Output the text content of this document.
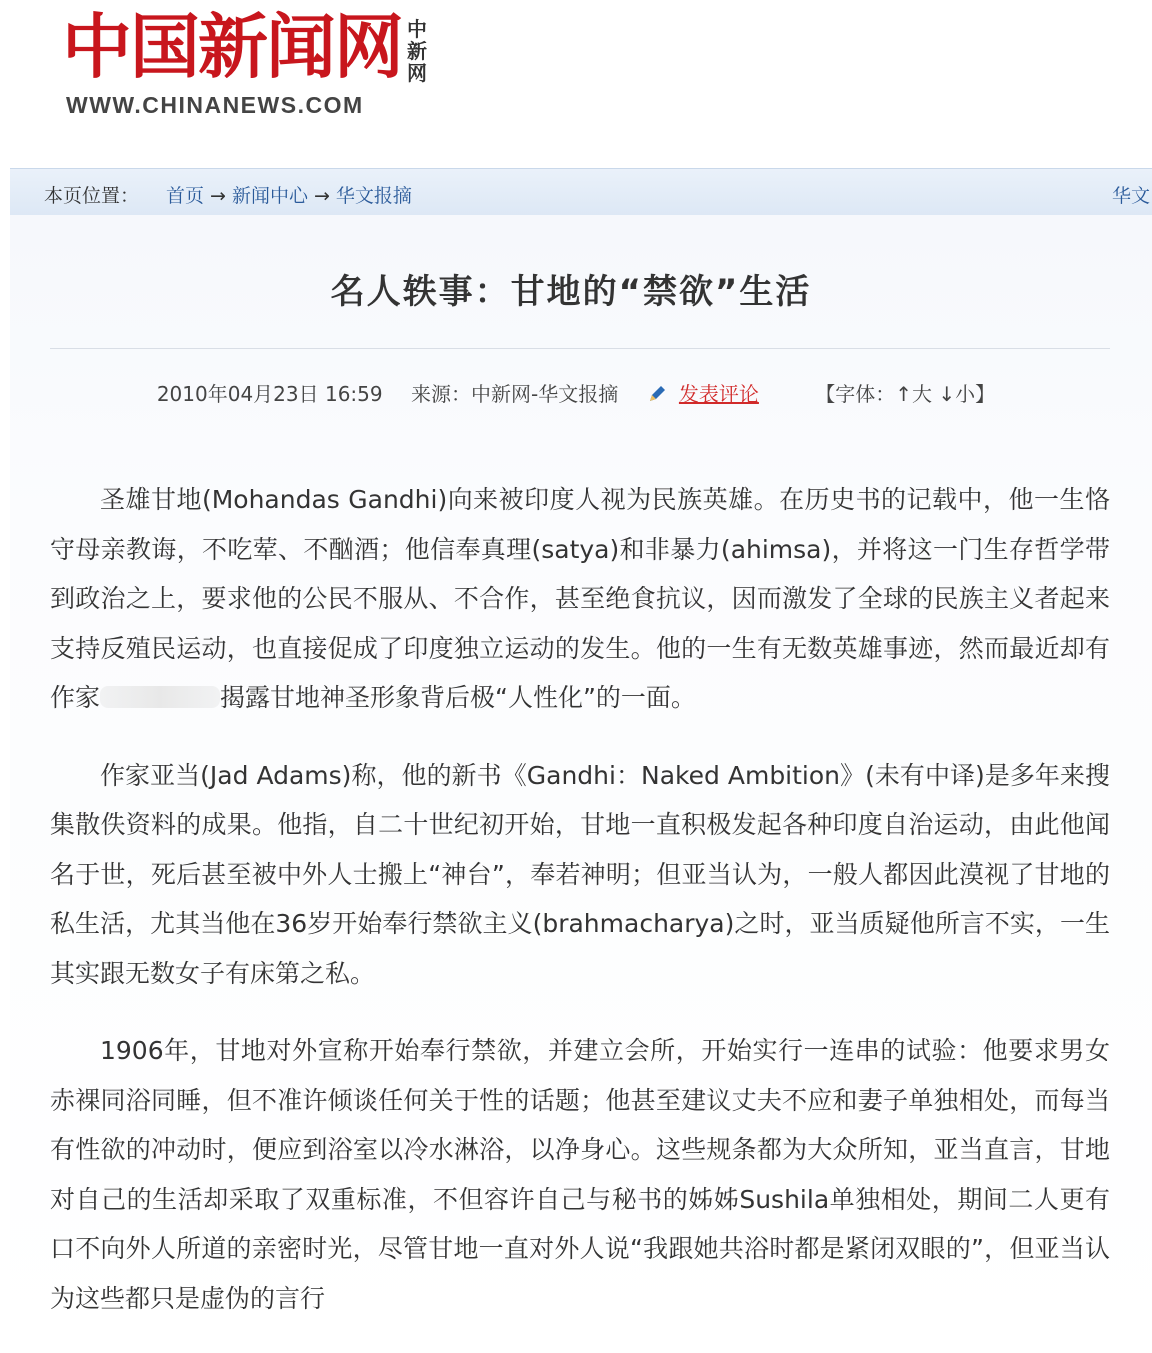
中国新闻网 中新网
WWW.CHINANEWS.COM
本页位置： 首页 → 新闻中心 → 华文报摘	华文
名人轶事：甘地的“禁欲”生活
2010年04月23日 16:59 来源：中新网-华文报摘	发表评论	【字体：↑大 ↓小】

圣雄甘地(Mohandas Gandhi)向来被印度人视为民族英雄。在历史书的记载中，他一生恪守母亲教诲，不吃荤、不酗酒；他信奉真理(satya)和非暴力(ahimsa)，并将这一门生存哲学带到政治之上，要求他的公民不服从、不合作，甚至绝食抗议，因而激发了全球的民族主义者起来支持反殖民运动，也直接促成了印度独立运动的发生。他的一生有无数英雄事迹，然而最近却有作家	揭露甘地神圣形象背后极“人性化”的一面。

作家亚当(Jad Adams)称，他的新书《Gandhi：Naked Ambition》(未有中译)是多年来搜集散佚资料的成果。他指，自二十世纪初开始，甘地一直积极发起各种印度自治运动，由此他闻名于世，死后甚至被中外人士搬上“神台”，奉若神明；但亚当认为，一般人都因此漠视了甘地的私生活，尤其当他在36岁开始奉行禁欲主义(brahmacharya)之时，亚当质疑他所言不实，一生其实跟无数女子有床第之私。

1906年，甘地对外宣称开始奉行禁欲，并建立会所，开始实行一连串的试验：他要求男女赤裸同浴同睡，但不准许倾谈任何关于性的话题；他甚至建议丈夫不应和妻子单独相处，而每当有性欲的冲动时，便应到浴室以冷水淋浴，以净身心。这些规条都为大众所知，亚当直言，甘地对自己的生活却采取了双重标准，不但容许自己与秘书的姊姊Sushila单独相处，期间二人更有口不向外人所道的亲密时光，尽管甘地一直对外人说“我跟她共浴时都是紧闭双眼的”，但亚当认为这些都只是虚伪的言行
